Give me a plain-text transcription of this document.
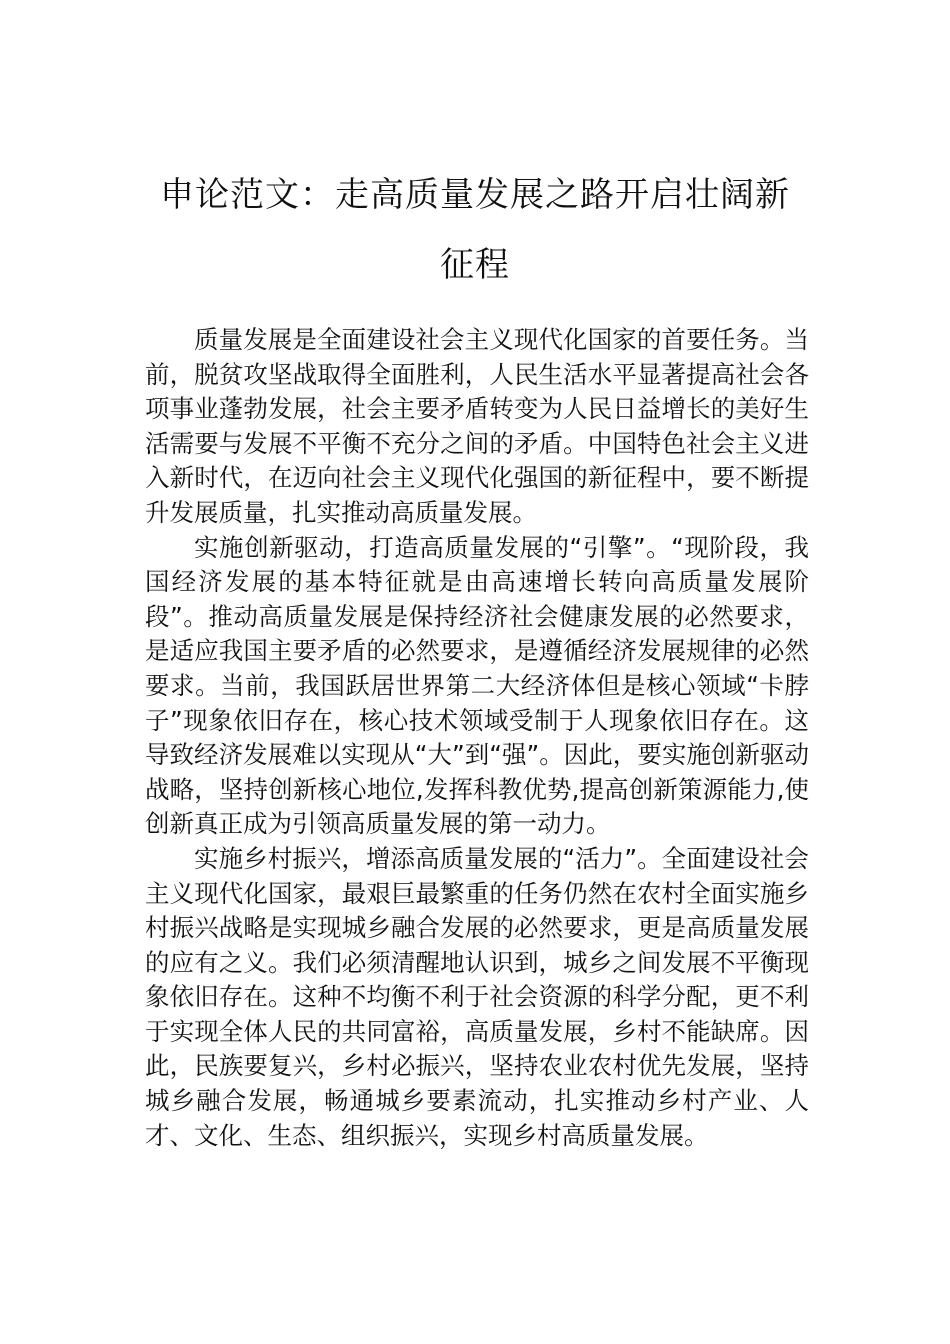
申论范文：走高质量发展之路开启壮阔新征程

质量发展是全面建设社会主义现代化国家的首要任务。当前，脱贫攻坚战取得全面胜利，人民生活水平显著提高社会各项事业蓬勃发展，社会主要矛盾转变为人民日益增长的美好生活需要与发展不平衡不充分之间的矛盾。中国特色社会主义进入新时代，在迈向社会主义现代化强国的新征程中，要不断提升发展质量，扎实推动高质量发展。

实施创新驱动，打造高质量发展的“引擎”。“现阶段，我国经济发展的基本特征就是由高速增长转向高质量发展阶段”。推动高质量发展是保持经济社会健康发展的必然要求，是适应我国主要矛盾的必然要求，是遵循经济发展规律的必然要求。当前，我国跃居世界第二大经济体但是核心领域“卡脖子”现象依旧存在，核心技术领域受制于人现象依旧存在。这导致经济发展难以实现从“大”到“强”。因此，要实施创新驱动战略，坚持创新核心地位,发挥科教优势,提高创新策源能力,使创新真正成为引领高质量发展的第一动力。

实施乡村振兴，增添高质量发展的“活力”。全面建设社会主义现代化国家，最艰巨最繁重的任务仍然在农村全面实施乡村振兴战略是实现城乡融合发展的必然要求，更是高质量发展的应有之义。我们必须清醒地认识到，城乡之间发展不平衡现象依旧存在。这种不均衡不利于社会资源的科学分配，更不利于实现全体人民的共同富裕，高质量发展，乡村不能缺席。因此，民族要复兴，乡村必振兴，坚持农业农村优先发展，坚持城乡融合发展，畅通城乡要素流动，扎实推动乡村产业、人才、文化、生态、组织振兴，实现乡村高质量发展。
